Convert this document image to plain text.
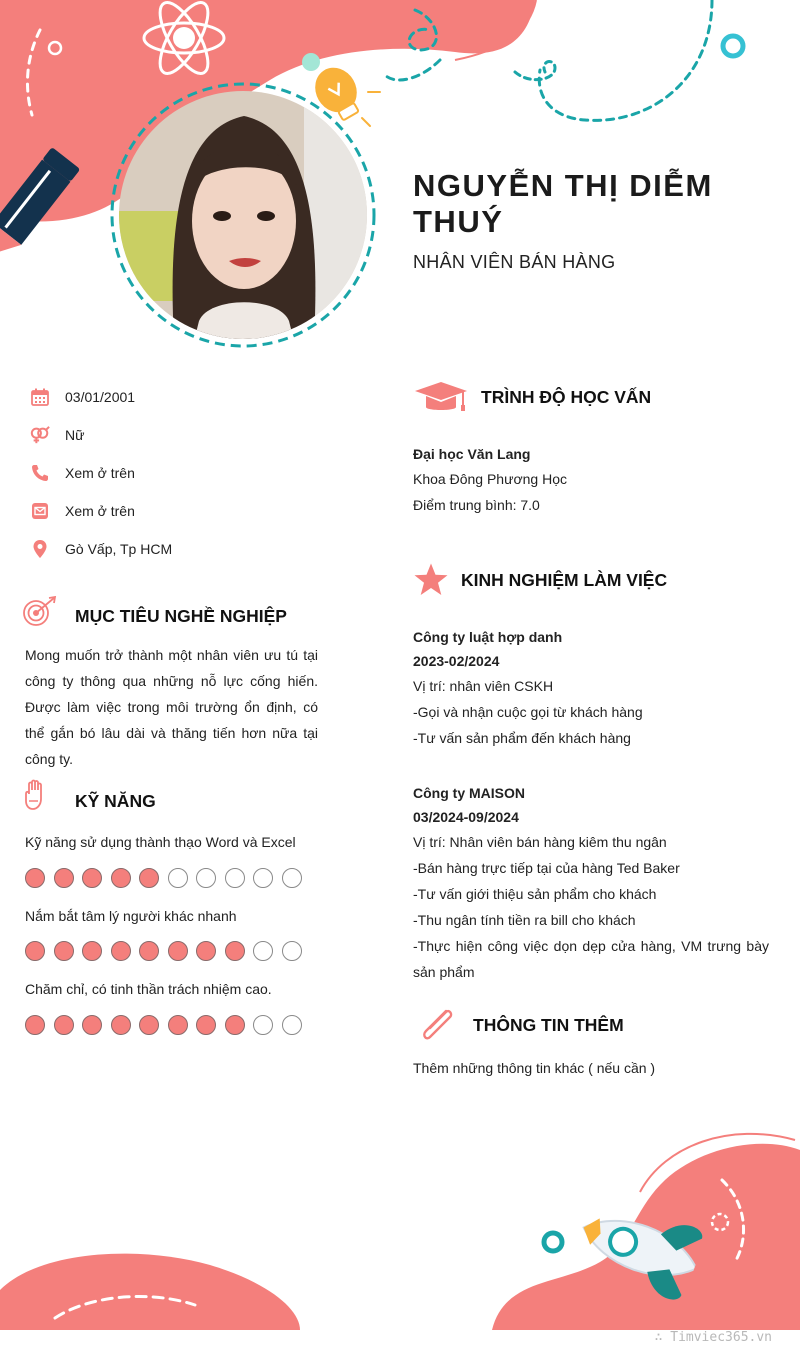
NGUYỄN THỊ DIỄM THUÝ
NHÂN VIÊN BÁN HÀNG
03/01/2001
Nữ
Xem ở trên
Xem ở trên
Gò Vấp, Tp HCM
MỤC TIÊU NGHỀ NGHIỆP
Mong muốn trở thành một nhân viên ưu tú tại công ty thông qua những nỗ lực cống hiến. Được làm việc trong môi trường ổn định, có thể gắn bó lâu dài và thăng tiến hơn nữa tại công ty.
KỸ NĂNG
Kỹ năng sử dụng thành thạo Word và Excel
Nắm bắt tâm lý người khác nhanh
Chăm chỉ, có tinh thần trách nhiệm cao.
TRÌNH ĐỘ HỌC VẤN
Đại học Văn Lang
Khoa Đông Phương Học
Điểm trung bình: 7.0
KINH NGHIỆM LÀM VIỆC
Công ty luật hợp danh
2023-02/2024
Vị trí: nhân viên CSKH
-Gọi và nhận cuộc gọi từ khách hàng
-Tư vấn sản phẩm đến khách hàng
Công ty MAISON
03/2024-09/2024
Vị trí: Nhân viên bán hàng kiêm thu ngân
-Bán hàng trực tiếp tại của hàng Ted Baker
-Tư vấn giới thiệu sản phẩm cho khách
-Thu ngân tính tiền ra bill cho khách
-Thực hiện công việc dọn dẹp cửa hàng, VM trưng bày sản phẩm
THÔNG TIN THÊM
Thêm những thông tin khác ( nếu cần )
∴ Timviec365.vn
